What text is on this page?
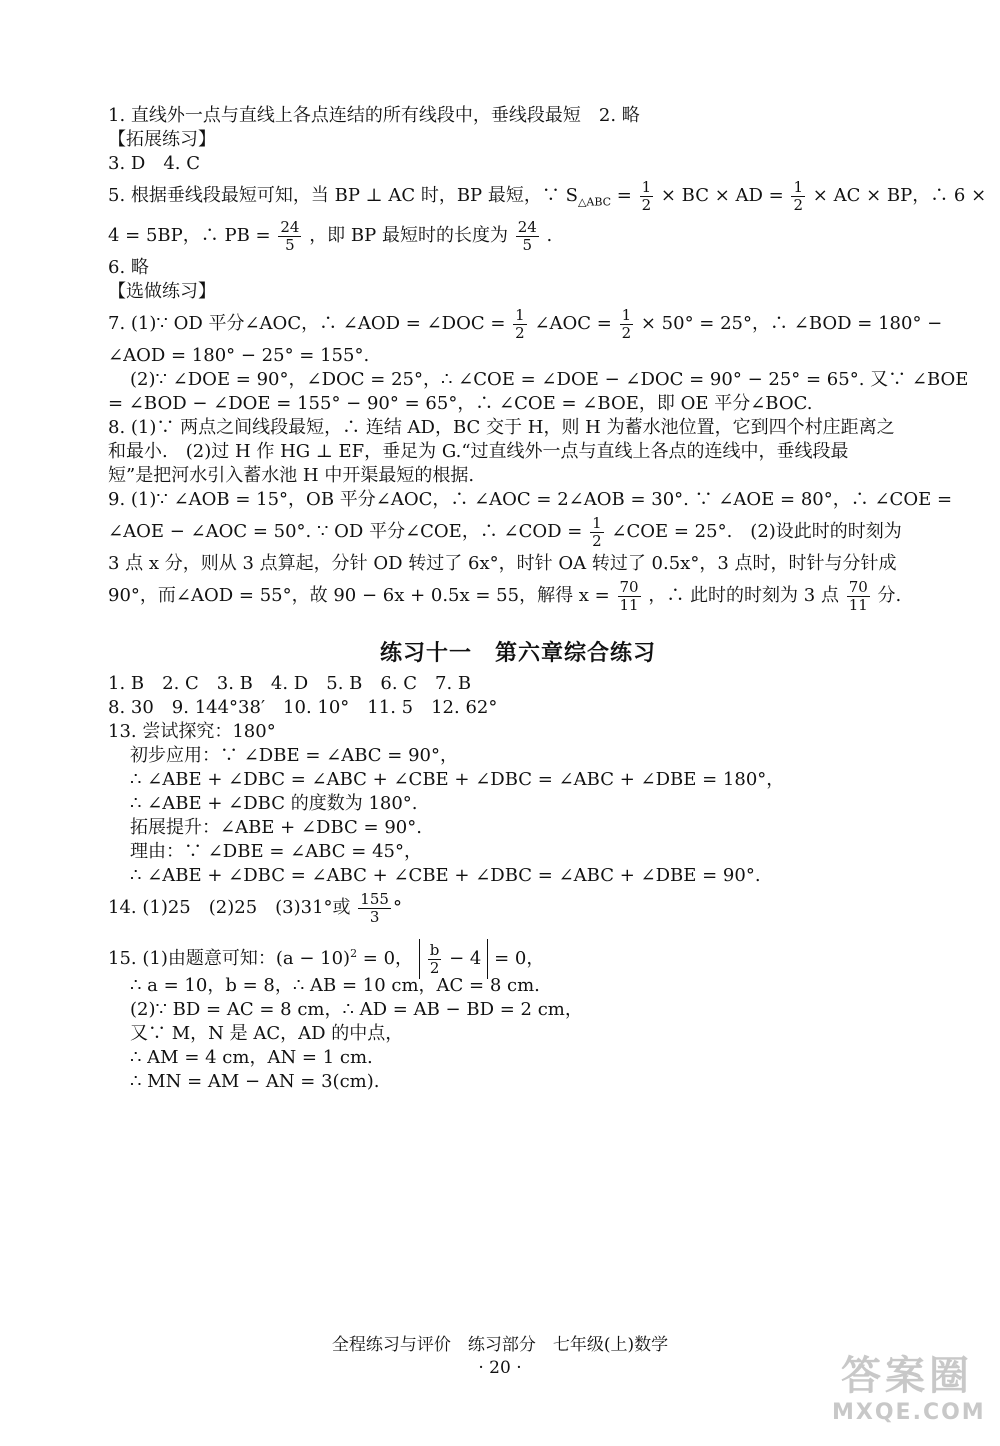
1. 直线外一点与直线上各点连结的所有线段中，垂线段最短　2. 略
【拓展练习】
3. D　4. C
5. 根据垂线段最短可知，当 BP ⊥ AC 时，BP 最短，∵ $S_{\triangle ABC} = \frac{1}{2}$ × BC × AD = $\frac{1}{2}$ × AC × BP，∴ 6 ×
4 = 5BP，∴ PB = $\frac{24}{5}$ ，即 BP 最短时的长度为 $\frac{24}{5}$ .
6. 略
【选做练习】
7. (1)∵ OD 平分∠AOC，∴ ∠AOD = ∠DOC = $\frac{1}{2}$ ∠AOC = $\frac{1}{2} \times 50^\circ = 25^\circ$，∴ ∠BOD = 180° −
∠AOD = 180° − 25° = 155°.
(2)∵ ∠DOE = 90°，∠DOC = 25°，∴ ∠COE = ∠DOE − ∠DOC = 90° − 25° = 65°. 又∵ ∠BOE
= ∠BOD − ∠DOE = 155° − 90° = 65°，∴ ∠COE = ∠BOE，即 OE 平分∠BOC.
8. (1)∵ 两点之间线段最短，∴ 连结 AD，BC 交于 H，则 H 为蓄水池位置，它到四个村庄距离之
和最小.　(2)过 H 作 HG ⊥ EF，垂足为 G.“过直线外一点与直线上各点的连线中，垂线段最
短”是把河水引入蓄水池 H 中开渠最短的根据.
9. (1)∵ ∠AOB = 15°，OB 平分∠AOC，∴ ∠AOC = 2∠AOB = 30°. ∵ ∠AOE = 80°，∴ ∠COE =
∠AOE − ∠AOC = 50°. ∵ OD 平分∠COE，∴ ∠COD = $\frac{1}{2}$ ∠COE = 25°.　(2)设此时的时刻为
3 点 x 分，则从 3 点算起，分针 OD 转过了 6x°，时针 OA 转过了 0.5x°，3 点时，时针与分针成
90°，而∠AOD = 55°，故 90 − 6x + 0.5x = 55，解得 $x = \frac{70}{11}$ ，∴ 此时的时刻为 3 点 $\frac{70}{11}$ 分.
练习十一　第六章综合练习
1. B　2. C　3. B　4. D　5. B　6. C　7. B
8. 30　9. 144°38′　10. 10°　11. 5　12. 62°
13. 尝试探究：180°
初步应用：∵ ∠DBE = ∠ABC = 90°，
∴ ∠ABE + ∠DBC = ∠ABC + ∠CBE + ∠DBC = ∠ABC + ∠DBE = 180°，
∴ ∠ABE + ∠DBC 的度数为 180°.
拓展提升：∠ABE + ∠DBC = 90°.
理由：∵ ∠DBE = ∠ABC = 45°，
∴ ∠ABE + ∠DBC = ∠ABC + ∠CBE + ∠DBC = ∠ABC + ∠DBE = 90°.
14. (1)25　(2)25　(3)31°或 $\frac{155}{3}$ °
15. (1)由题意可知：$(a - 10)^2 = 0$， $\frac{b}{2} - 4 = 0$，
∴ a = 10，b = 8，∴ AB = 10 cm，AC = 8 cm.
(2)∵ BD = AC = 8 cm，∴ AD = AB − BD = 2 cm，
又∵ M，N 是 AC，AD 的中点，
∴ AM = 4 cm，AN = 1 cm.
∴ MN = AM − AN = 3(cm).
全程练习与评价　练习部分　七年级(上)数学
· 20 ·	答案圈
MXQE.COM
